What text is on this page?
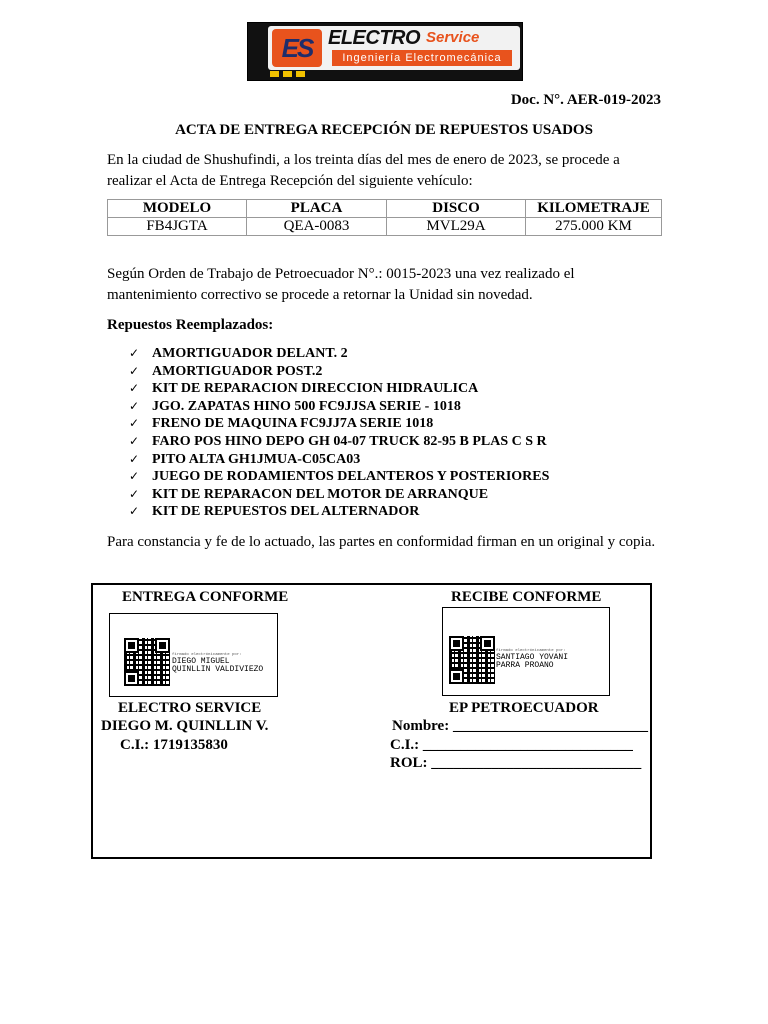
ES ELECTRO Service
Ingeniería Electromecánica
Doc. N°. AER-019-2023
ACTA DE ENTREGA RECEPCIÓN DE REPUESTOS USADOS
En la ciudad de Shushufindi, a los treinta días del mes de enero de 2023, se procede a realizar el Acta de Entrega Recepción del siguiente vehículo:
MODELO	PLACA	DISCO	KILOMETRAJE
FB4JGTA	QEA-0083	MVL29A	275.000 KM
Según Orden de Trabajo de Petroecuador N°.: 0015-2023 una vez realizado el mantenimiento correctivo se procede a retornar la Unidad sin novedad.
Repuestos Reemplazados:
✓ AMORTIGUADOR DELANT. 2
✓ AMORTIGUADOR POST.2
✓ KIT DE REPARACION DIRECCION HIDRAULICA
✓ JGO. ZAPATAS HINO 500 FC9JJSA SERIE - 1018
✓ FRENO DE MAQUINA FC9JJ7A SERIE 1018
✓ FARO POS HINO DEPO GH 04-07 TRUCK 82-95 B PLAS C S R
✓ PITO ALTA GH1JMUA-C05CA03
✓ JUEGO DE RODAMIENTOS DELANTEROS Y POSTERIORES
✓ KIT DE REPARACON DEL MOTOR DE ARRANQUE
✓ KIT DE REPUESTOS DEL ALTERNADOR
Para constancia y fe de lo actuado, las partes en conformidad firman en un original y copia.
ENTREGA CONFORME
firmado electrónicamente por:
DIEGO MIGUEL
QUINLLIN VALDIVIEZO
ELECTRO SERVICE
DIEGO M. QUINLLIN V.
C.I.: 1719135830
RECIBE CONFORME
firmado electrónicamente por:
SANTIAGO YOVANI
PARRA PROANO
EP PETROECUADOR
Nombre: __________________________
C.I.: ____________________________
ROL: ____________________________
